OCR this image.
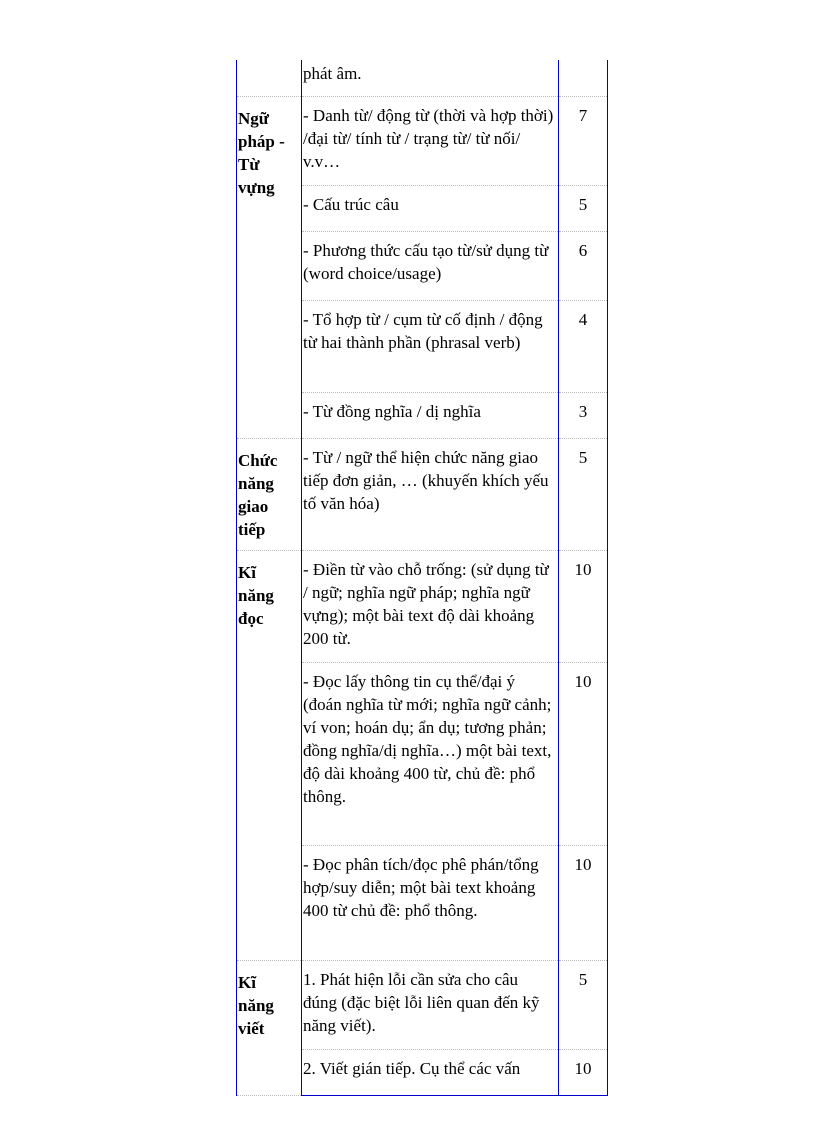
	phát âm.	
Ngữ
pháp -
Từ
vựng	- Danh từ/ động từ (thời và hợp thời) /đại từ/ tính từ / trạng từ/ từ nối/ v.v…	7
	- Cấu trúc câu	5
	- Phương thức cấu tạo từ/sử dụng từ (word choice/usage)	6
	- Tổ hợp từ / cụm từ cố định / động từ hai thành phần (phrasal verb)	4
	- Từ đồng nghĩa / dị nghĩa	3
Chức
năng
giao
tiếp	- Từ / ngữ thể hiện chức năng giao tiếp đơn giản, … (khuyến khích yếu tố văn hóa)	5
Kĩ
năng
đọc	- Điền từ vào chỗ trống: (sử dụng từ / ngữ; nghĩa ngữ pháp; nghĩa ngữ vựng); một bài text độ dài khoảng 200 từ.	10
	- Đọc lấy thông tin cụ thể/đại ý (đoán nghĩa từ mới; nghĩa ngữ cảnh; ví von; hoán dụ; ẩn dụ; tương phản; đồng nghĩa/dị nghĩa…) một bài text, độ dài khoảng 400 từ, chủ đề: phổ thông.	10
	- Đọc phân tích/đọc phê phán/tổng hợp/suy diễn; một bài text khoảng 400 từ chủ đề: phổ thông.	10
Kĩ
năng
viết	1. Phát hiện lỗi cần sửa cho câu đúng (đặc biệt lỗi liên quan đến kỹ năng viết).	5
	2. Viết gián tiếp. Cụ thể các vấn	10
